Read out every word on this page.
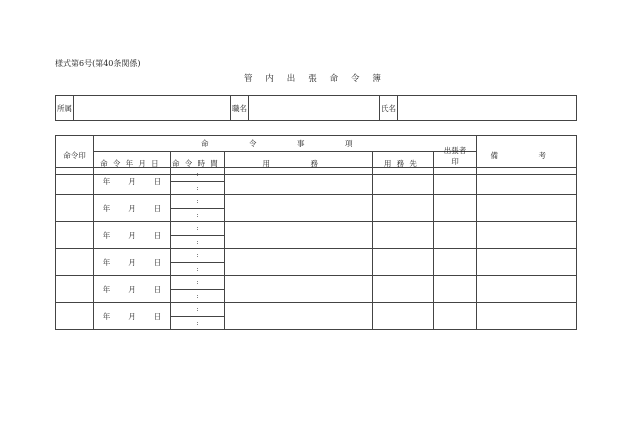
様式第6号(第40条関係)
管 内 出 張 命 令 簿
所属		職名		氏名	
命令印	命　令　事　項					備　考
	命令年月日	命令時間	用　務	用務先	出張者
印	
	年 月 日	:				
		:				
	年 月 日	:				
		:				
	年 月 日	:				
		:				
	年 月 日	:				
		:				
	年 月 日	:				
		:				
	年 月 日	:				
		:				
